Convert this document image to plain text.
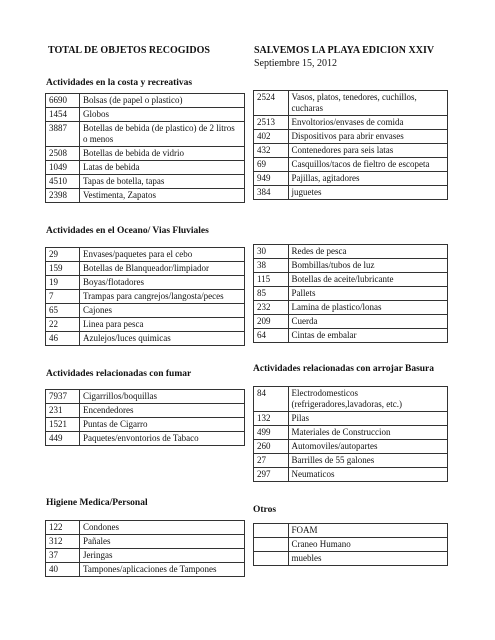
TOTAL DE OBJETOS RECOGIDOS	SALVEMOS LA PLAYA EDICION XXIV
Septiembre 15, 2012
Actividades en la costa y recreativas
6690	Bolsas (de papel o plastico)
1454	Globos
3887	Botellas de bebida (de plastico) de 2 litros o menos
2508	Botellas de bebida de vidrio
1049	Latas de bebida
4510	Tapas de botella, tapas
2398	Vestimenta, Zapatos
2524	Vasos, platos, tenedores, cuchillos, cucharas
2513	Envoltorios/envases de comida
402	Dispositivos para abrir envases
432	Contenedores para seis latas
69	Casquillos/tacos de fieltro de escopeta
949	Pajillas, agitadores
384	juguetes
Actividades en el Oceano/ Vias Fluviales
29	Envases/paquetes para el cebo
159	Botellas de Blanqueador/limpiador
19	Boyas/flotadores
7	Trampas para cangrejos/langosta/peces
65	Cajones
22	Linea para pesca
46	Azulejos/luces quimicas
30	Redes de pesca
38	Bombillas/tubos de luz
115	Botellas de aceite/lubricante
85	Pallets
232	Lamina de plastico/lonas
209	Cuerda
64	Cintas de embalar
Actividades relacionadas con fumar
7937	Cigarrillos/boquillas
231	Encendedores
1521	Puntas de Cigarro
449	Paquetes/envontorios de Tabaco
Actividades relacionadas con arrojar Basura
84	Electrodomesticos (refrigeradores,lavadoras, etc.)
132	Pilas
499	Materiales de Construccion
260	Automoviles/autopartes
27	Barrilles de 55 galones
297	Neumaticos
Higiene Medica/Personal
122	Condones
312	Pañales
37	Jeringas
40	Tampones/aplicaciones de Tampones
Otros
	FOAM
	Craneo Humano
	muebles
